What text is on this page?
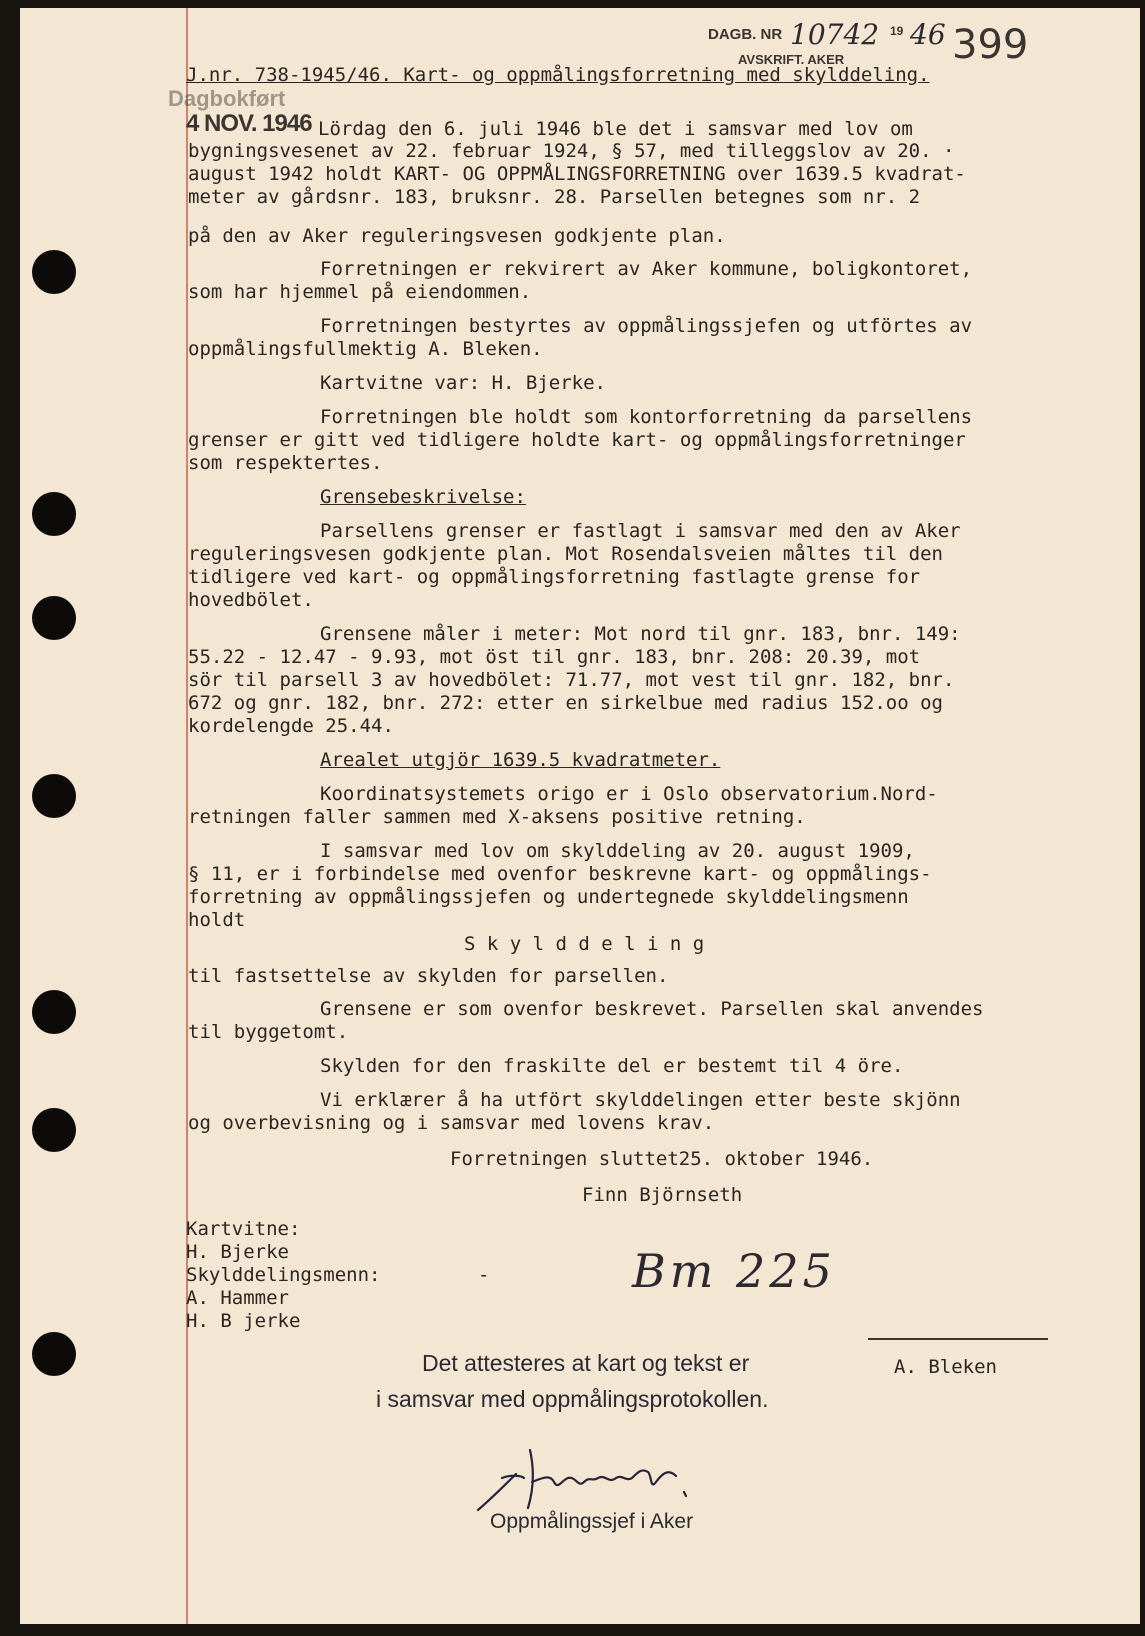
DAGB. NR 10742 19 46
AVSKRIFT. AKER	399
Dagbokført
4 NOV. 1946
J.nr. 738-1945/46. Kart- og oppmålingsforretning med skylddeling.
Lördag den 6. juli 1946 ble det i samsvar med lov om
bygningsvesenet av 22. februar 1924, § 57, med tilleggslov av 20. ·
august 1942 holdt KART- OG OPPMÅLINGSFORRETNING over 1639.5 kvadrat-
meter av gårdsnr. 183, bruksnr. 28. Parsellen betegnes som nr. 2
på den av Aker reguleringsvesen godkjente plan.
Forretningen er rekvirert av Aker kommune, boligkontoret,
som har hjemmel på eiendommen.
Forretningen bestyrtes av oppmålingssjefen og utförtes av
oppmålingsfullmektig A. Bleken.
Kartvitne var: H. Bjerke.
Forretningen ble holdt som kontorforretning da parsellens
grenser er gitt ved tidligere holdte kart- og oppmålingsforretninger
som respektertes.
Grensebeskrivelse:
Parsellens grenser er fastlagt i samsvar med den av Aker
reguleringsvesen godkjente plan. Mot Rosendalsveien måltes til den
tidligere ved kart- og oppmålingsforretning fastlagte grense for
hovedbölet.
Grensene måler i meter: Mot nord til gnr. 183, bnr. 149:
55.22 - 12.47 - 9.93, mot öst til gnr. 183, bnr. 208: 20.39, mot
sör til parsell 3 av hovedbölet: 71.77, mot vest til gnr. 182, bnr.
672 og gnr. 182, bnr. 272: etter en sirkelbue med radius 152.oo og
kordelengde 25.44.
Arealet utgjör 1639.5 kvadratmeter.
Koordinatsystemets origo er i Oslo observatorium.Nord-
retningen faller sammen med X-aksens positive retning.
I samsvar med lov om skylddeling av 20. august 1909,
§ 11, er i forbindelse med ovenfor beskrevne kart- og oppmålings-
forretning av oppmålingssjefen og undertegnede skylddelingsmenn
holdt
S k y l d d e l i n g
til fastsettelse av skylden for parsellen.
Grensene er som ovenfor beskrevet. Parsellen skal anvendes
til byggetomt.
Skylden for den fraskilte del er bestemt til 4 öre.
Vi erklærer å ha utfört skylddelingen etter beste skjönn
og overbevisning og i samsvar med lovens krav.
Forretningen sluttet25. oktober 1946.
Finn Björnseth
Kartvitne:
H. Bjerke
Skylddelingsmenn:
A. Hammer
H. B jerke
-	Bm 225
A. Bleken
Det attesteres at kart og tekst er
i samsvar med oppmålingsprotokollen.
Oppmålingssjef i Aker
